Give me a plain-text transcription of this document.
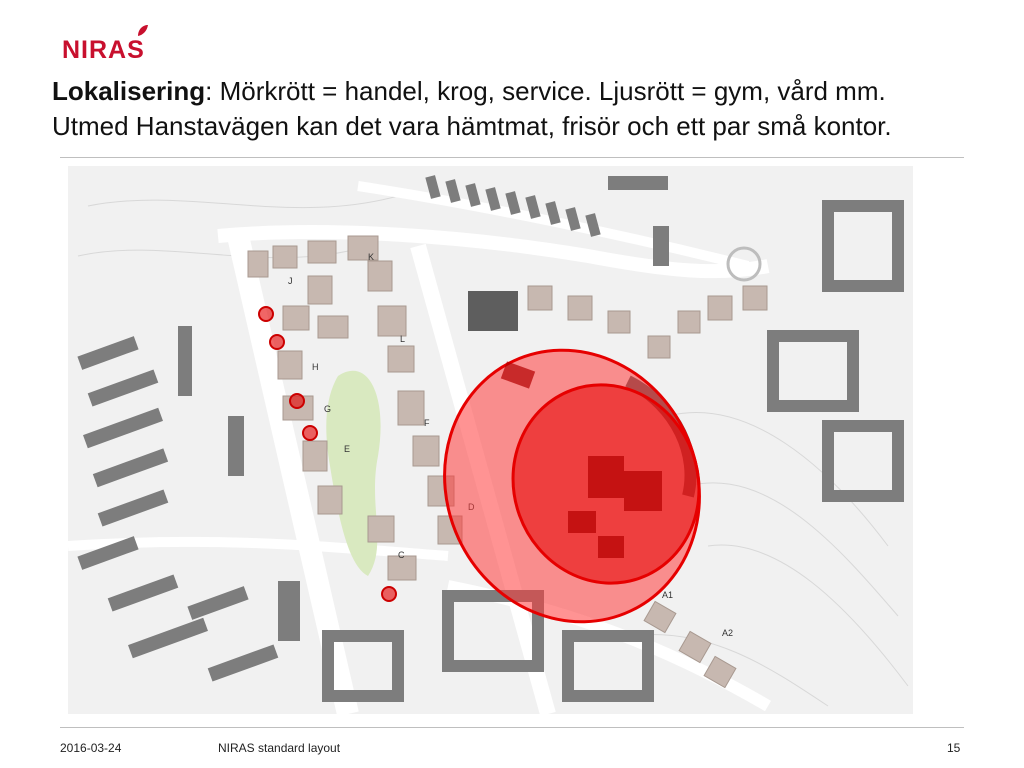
NIRAS
Lokalisering: Mörkrött = handel, krog, service. Ljusrött = gym, vård mm.
Utmed Hanstavägen kan det vara hämtmat, frisör och ett par små kontor.
K
J
L
H
G
F
E
C
A1
A2
2016-03-24	NIRAS standard layout	15
